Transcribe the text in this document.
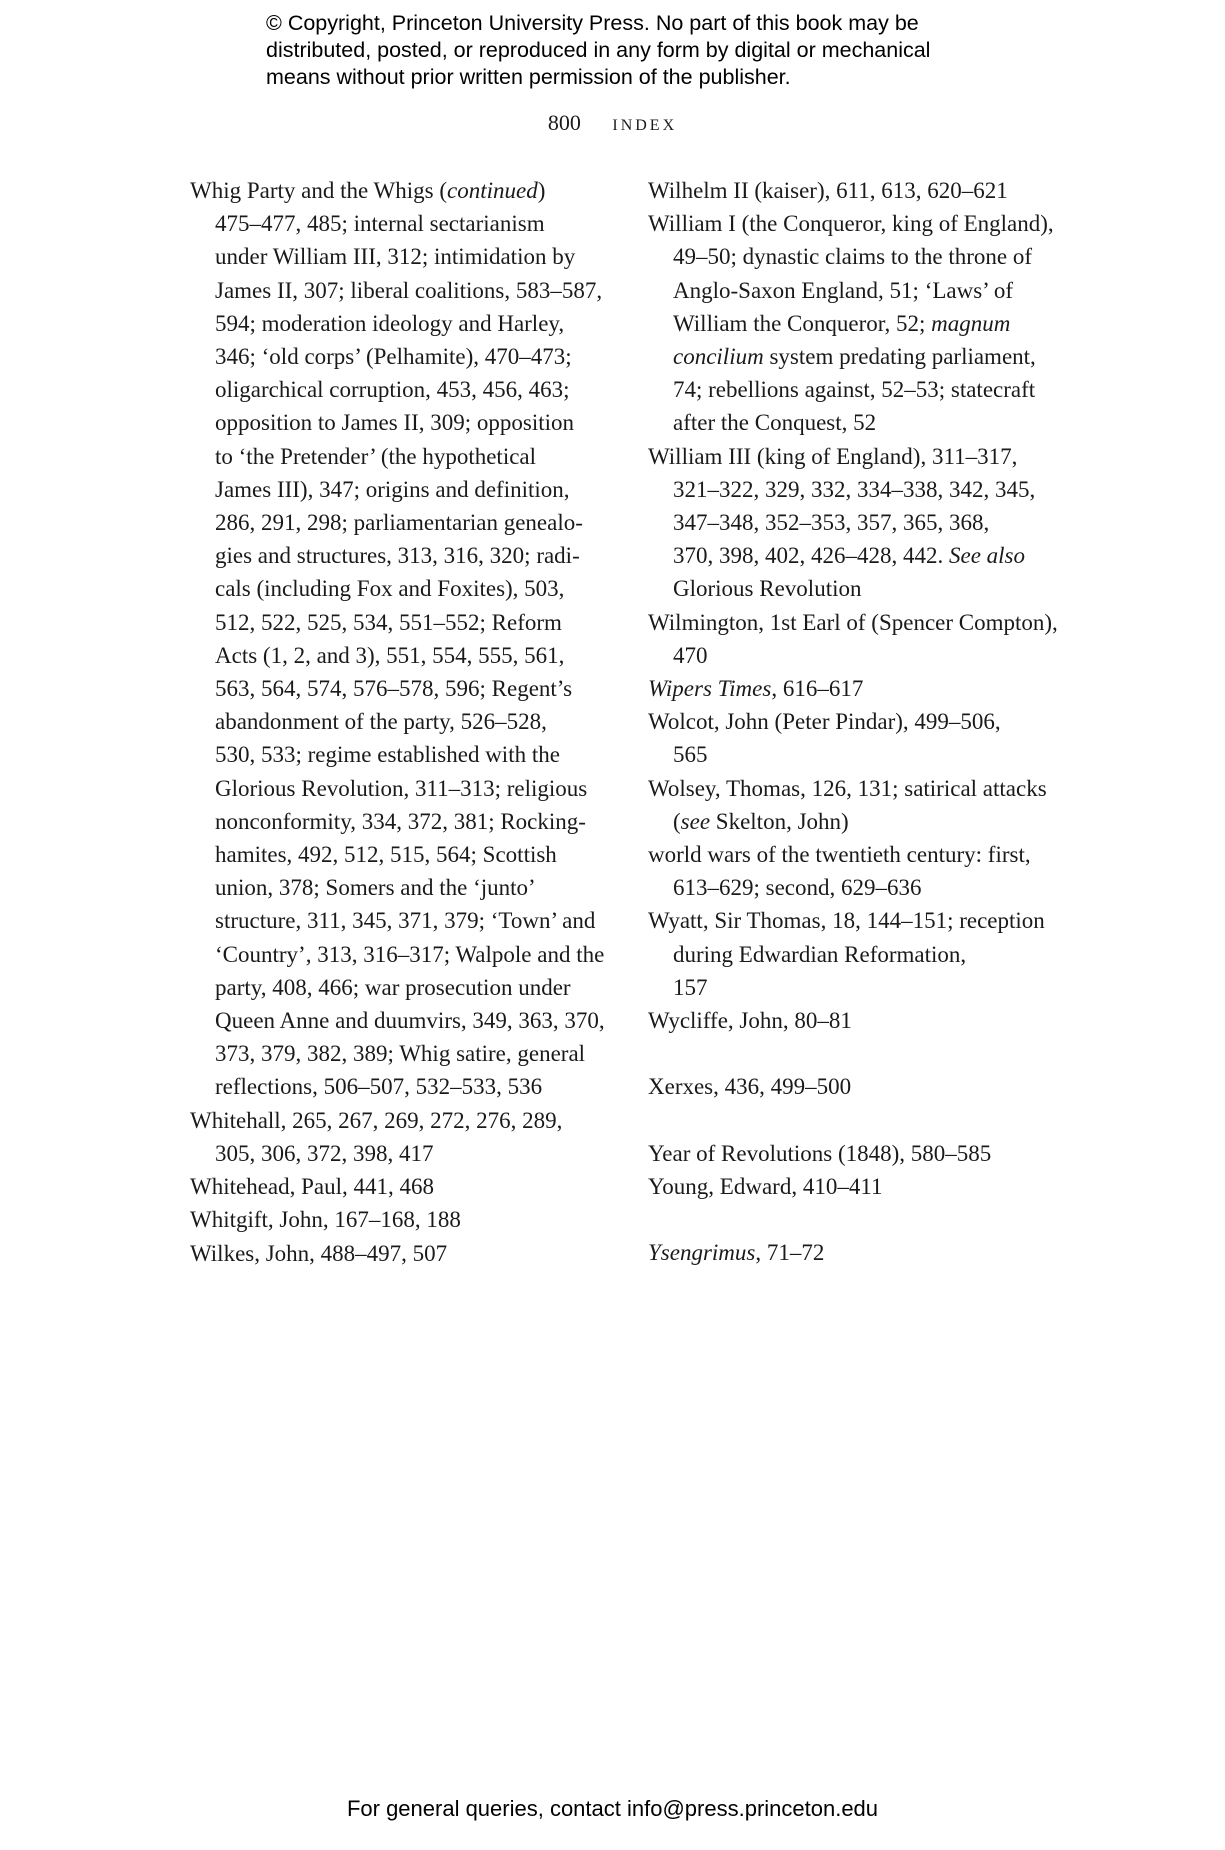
© Copyright, Princeton University Press. No part of this book may be
distributed, posted, or reproduced in any form by digital or mechanical
means without prior written permission of the publisher.
800 index
Whig Party and the Whigs (continued)
475–477, 485; internal sectarianism
under William III, 312; intimidation by
James II, 307; liberal coalitions, 583–587,
594; moderation ideology and Harley,
346; ‘old corps’ (Pelhamite), 470–473;
oligarchical corruption, 453, 456, 463;
opposition to James II, 309; opposition
to ‘the Pretender’ (the hypothetical
James III), 347; origins and definition,
286, 291, 298; parliamentarian genealo-
gies and structures, 313, 316, 320; radi-
cals (including Fox and Foxites), 503,
512, 522, 525, 534, 551–552; Reform
Acts (1, 2, and 3), 551, 554, 555, 561,
563, 564, 574, 576–578, 596; Regent’s
abandonment of the party, 526–528,
530, 533; regime established with the
Glorious Revolution, 311–313; religious
nonconformity, 334, 372, 381; Rocking-
hamites, 492, 512, 515, 564; Scottish
union, 378; Somers and the ‘junto’
structure, 311, 345, 371, 379; ‘Town’ and
‘Country’, 313, 316–317; Walpole and the
party, 408, 466; war prosecution under
Queen Anne and duumvirs, 349, 363, 370,
373, 379, 382, 389; Whig satire, general
reflections, 506–507, 532–533, 536
Whitehall, 265, 267, 269, 272, 276, 289,
305, 306, 372, 398, 417
Whitehead, Paul, 441, 468
Whitgift, John, 167–168, 188
Wilkes, John, 488–497, 507
Wilhelm II (kaiser), 611, 613, 620–621
William I (the Conqueror, king of England),
49–50; dynastic claims to the throne of
Anglo-Saxon England, 51; ‘Laws’ of
William the Conqueror, 52; magnum
concilium system predating parliament,
74; rebellions against, 52–53; statecraft
after the Conquest, 52
William III (king of England), 311–317,
321–322, 329, 332, 334–338, 342, 345,
347–348, 352–353, 357, 365, 368,
370, 398, 402, 426–428, 442. See also
Glorious Revolution
Wilmington, 1st Earl of (Spencer Compton),
470
Wipers Times, 616–617
Wolcot, John (Peter Pindar), 499–506,
565
Wolsey, Thomas, 126, 131; satirical attacks
(see Skelton, John)
world wars of the twentieth century: first,
613–629; second, 629–636
Wyatt, Sir Thomas, 18, 144–151; reception
during Edwardian Reformation,
157
Wycliffe, John, 80–81
Xerxes, 436, 499–500
Year of Revolutions (1848), 580–585
Young, Edward, 410–411
Ysengrimus, 71–72
For general queries, contact info@press.princeton.edu
